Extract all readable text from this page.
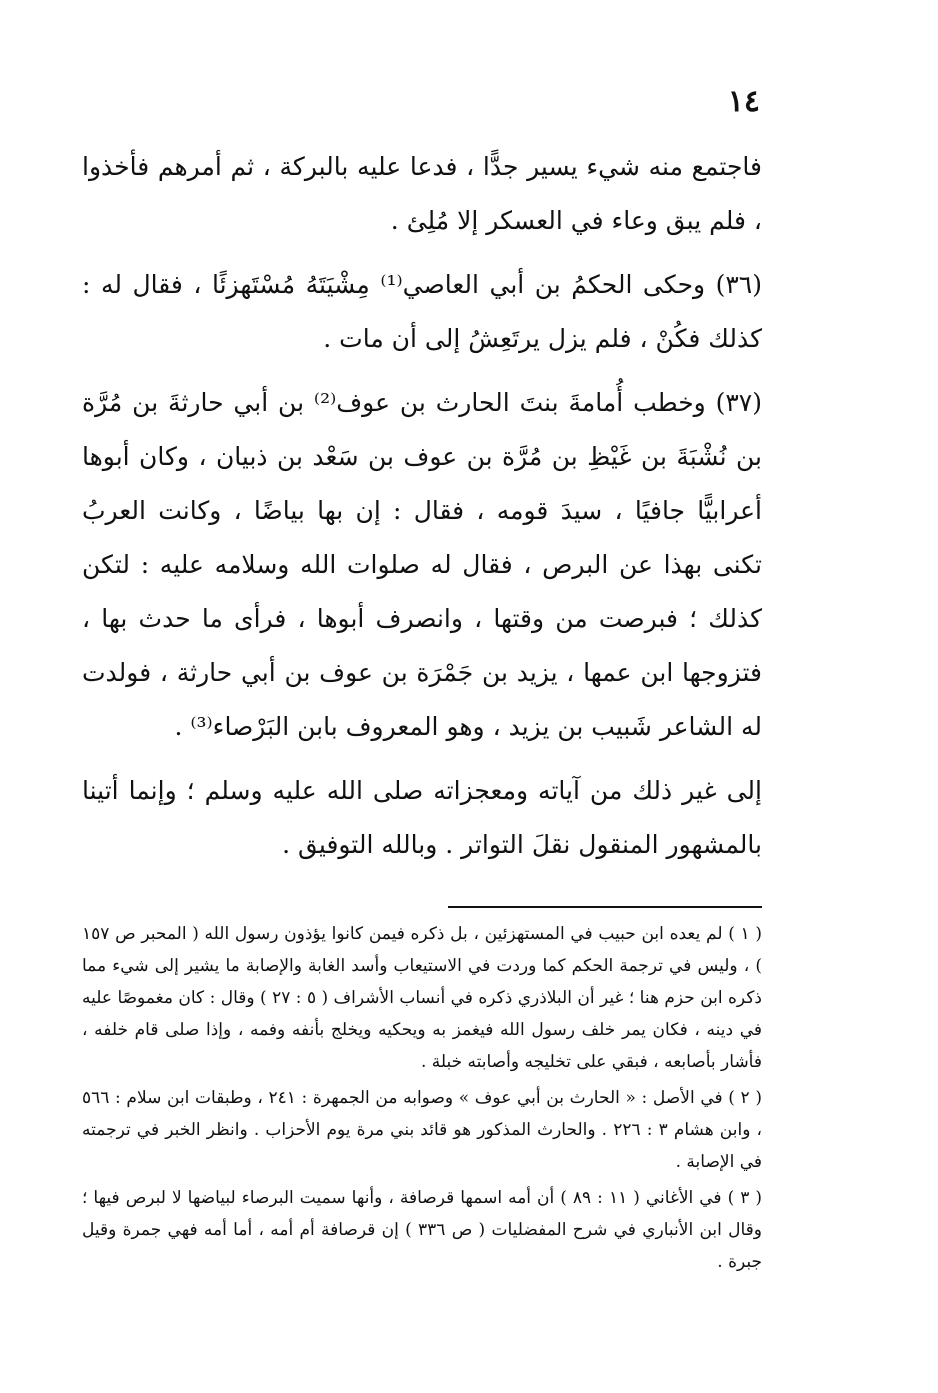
١٤

فاجتمع منه شيء يسير جدًّا ، فدعا عليه بالبركة ، ثم أمرهم فأخذوا ، فلم يبق وعاء في العسكر إلا مُلِئ .

(٣٦) وحكى الحكمُ بن أبي العاصي⁽¹⁾ مِشْيَتَهُ مُسْتَهزئًا ، فقال له : كذلك فكُنْ ، فلم يزل يرتَعِشُ إلى أن مات .

(٣٧) وخطب أُمامةَ بنتَ الحارث بن عوف⁽²⁾ بن أبي حارثةَ بن مُرَّة بن نُشْبَةَ بن غَيْظِ بن مُرَّة بن عوف بن سَعْد بن ذبيان ، وكان أبوها أعرابيًّا جافيًا ، سيدَ قومه ، فقال : إن بها بياضًا ، وكانت العربُ تكنى بهذا عن البرص ، فقال له صلوات الله وسلامه عليه : لتكن كذلك ؛ فبرصت من وقتها ، وانصرف أبوها ، فرأى ما حدث بها ، فتزوجها ابن عمها ، يزيد بن جَمْرَة بن عوف بن أبي حارثة ، فولدت له الشاعر شَبيب بن يزيد ، وهو المعروف بابن البَرْصاء⁽³⁾ .

إلى غير ذلك من آياته ومعجزاته صلى الله عليه وسلم ؛ وإنما أتينا بالمشهور المنقول نقلَ التواتر . وبالله التوفيق .

( ١ ) لم يعده ابن حبيب في المستهزئين ، بل ذكره فيمن كانوا يؤذون رسول الله ( المحبر ص ١٥٧ ) ، وليس في ترجمة الحكم كما وردت في الاستيعاب وأسد الغابة والإصابة ما يشير إلى شيء مما ذكره ابن حزم هنا ؛ غير أن البلاذري ذكره في أنساب الأشراف ( ٥ : ٢٧ ) وقال : كان مغموصًا عليه في دينه ، فكان يمر خلف رسول الله فيغمز به ويحكيه ويخلج بأنفه وفمه ، وإذا صلى قام خلفه ، فأشار بأصابعه ، فبقي على تخليجه وأصابته خبلة .

( ٢ ) في الأصل : « الحارث بن أبي عوف » وصوابه من الجمهرة : ٢٤١ ، وطبقات ابن سلام : ٥٦٦ ، وابن هشام ٣ : ٢٢٦ . والحارث المذكور هو قائد بني مرة يوم الأحزاب . وانظر الخبر في ترجمته في الإصابة .

( ٣ ) في الأغاني ( ١١ : ٨٩ ) أن أمه اسمها قرصافة ، وأنها سميت البرصاء لبياضها لا لبرص فيها ؛ وقال ابن الأنباري في شرح المفضليات ( ص ٣٣٦ ) إن قرصافة أم أمه ، أما أمه فهي جمرة وقيل جبرة .
